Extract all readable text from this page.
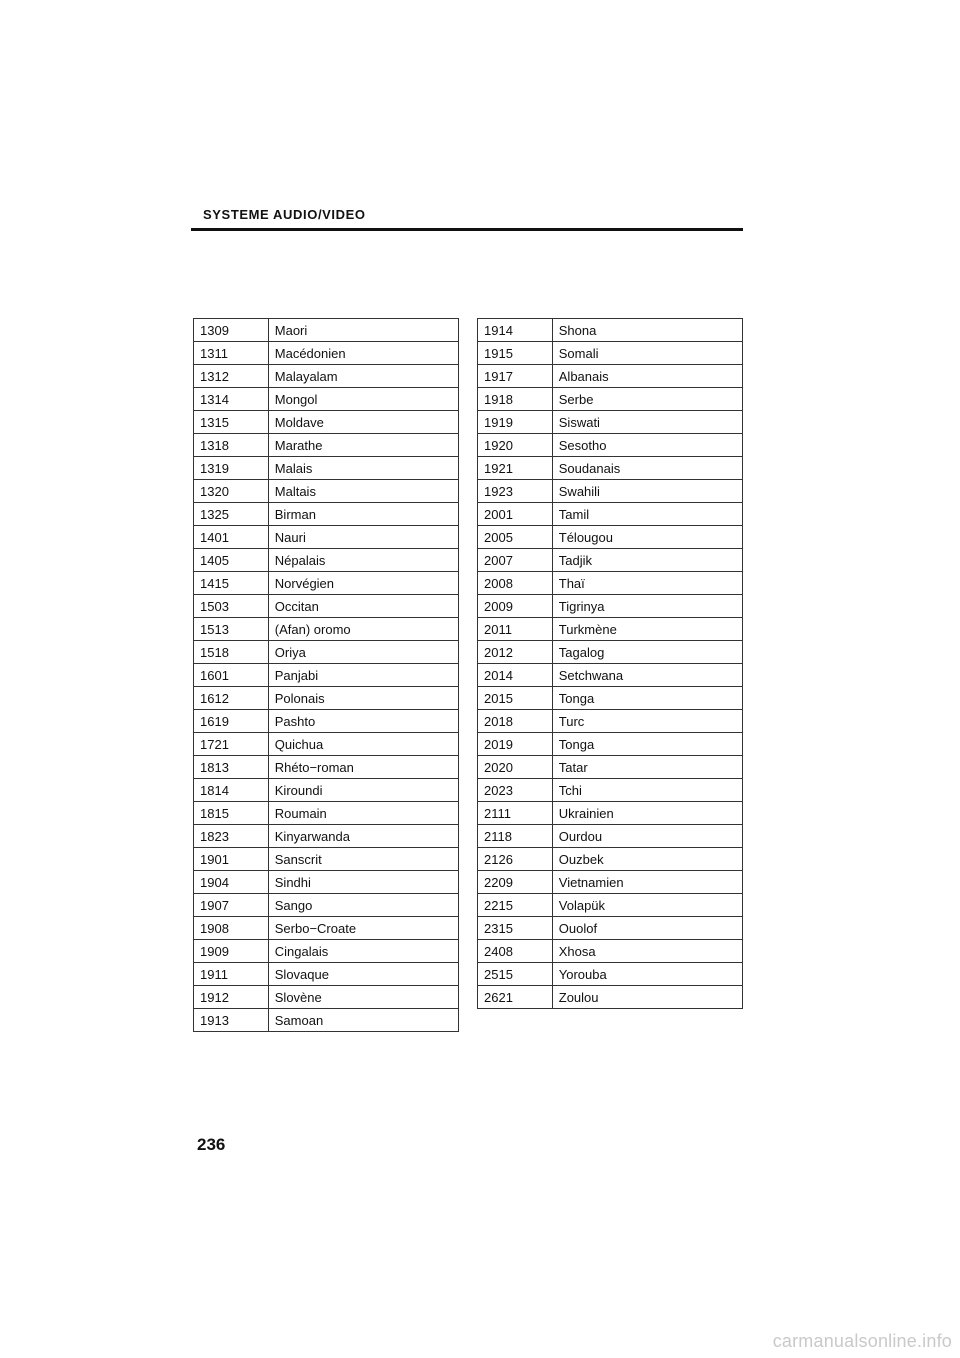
SYSTEME AUDIO/VIDEO
1309	Maori
1311	Macédonien
1312	Malayalam
1314	Mongol
1315	Moldave
1318	Marathe
1319	Malais
1320	Maltais
1325	Birman
1401	Nauri
1405	Népalais
1415	Norvégien
1503	Occitan
1513	(Afan) oromo
1518	Oriya
1601	Panjabi
1612	Polonais
1619	Pashto
1721	Quichua
1813	Rhéto−roman
1814	Kiroundi
1815	Roumain
1823	Kinyarwanda
1901	Sanscrit
1904	Sindhi
1907	Sango
1908	Serbo−Croate
1909	Cingalais
1911	Slovaque
1912	Slovène
1913	Samoan
1914	Shona
1915	Somali
1917	Albanais
1918	Serbe
1919	Siswati
1920	Sesotho
1921	Soudanais
1923	Swahili
2001	Tamil
2005	Télougou
2007	Tadjik
2008	Thaï
2009	Tigrinya
2011	Turkmène
2012	Tagalog
2014	Setchwana
2015	Tonga
2018	Turc
2019	Tonga
2020	Tatar
2023	Tchi
2111	Ukrainien
2118	Ourdou
2126	Ouzbek
2209	Vietnamien
2215	Volapük
2315	Ouolof
2408	Xhosa
2515	Yorouba
2621	Zoulou
236
carmanualsonline.info
